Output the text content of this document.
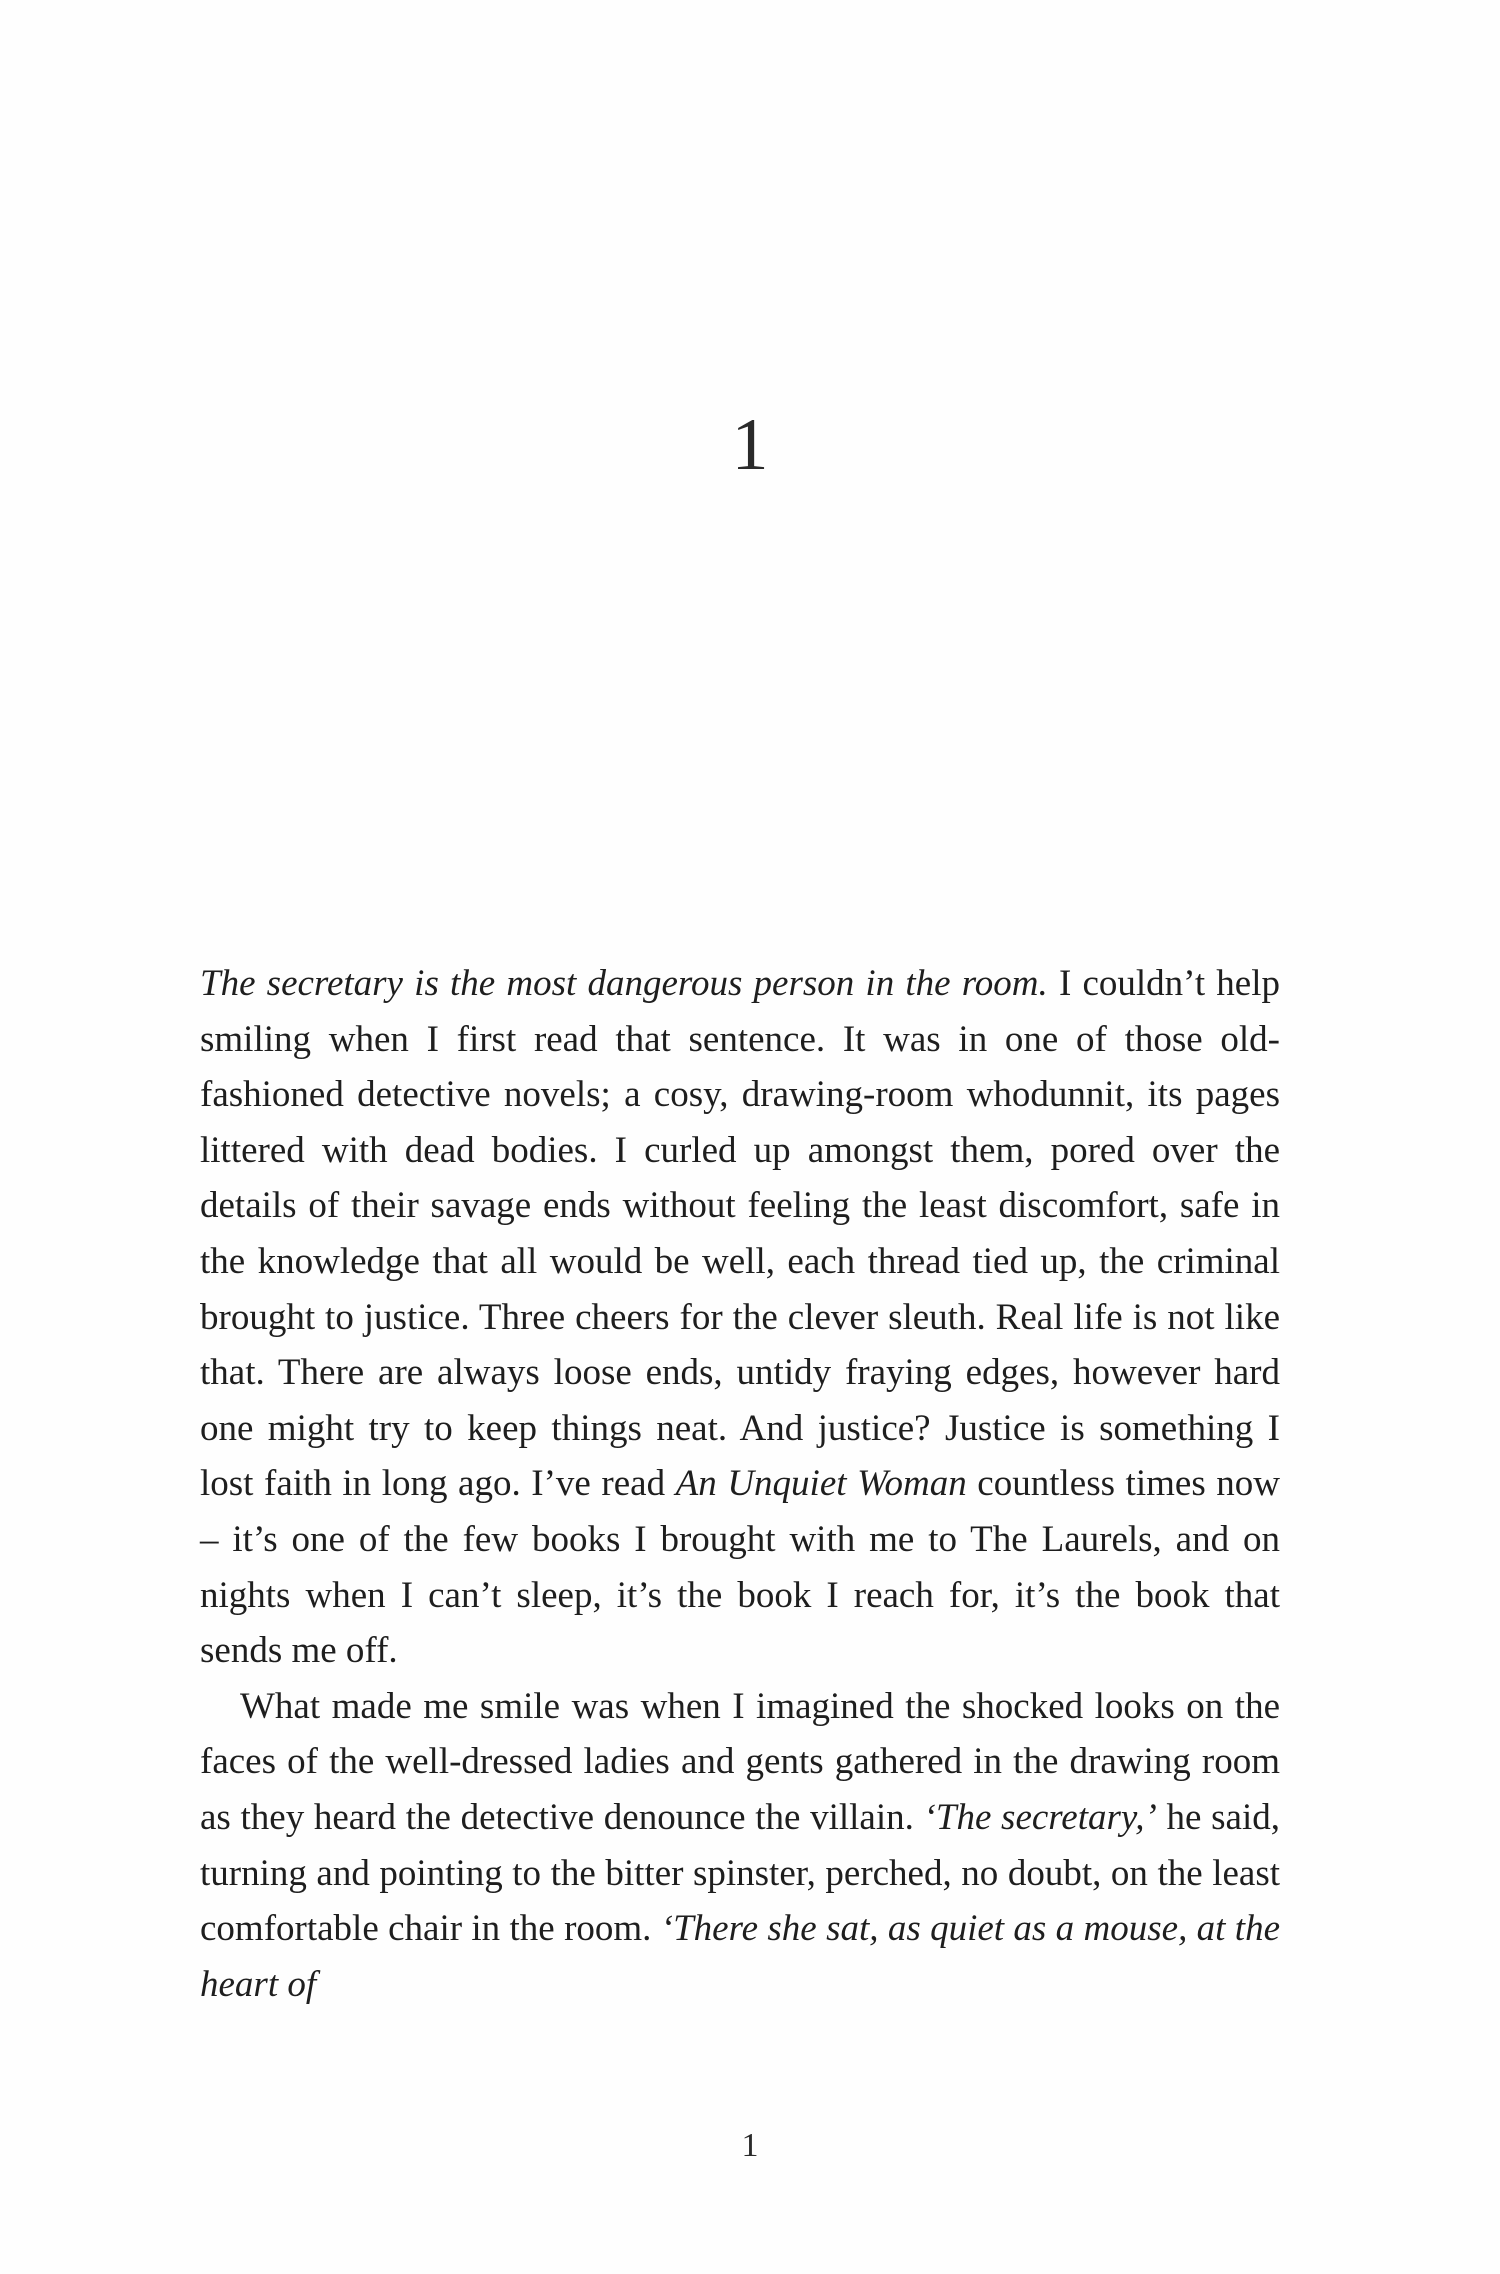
1

The secretary is the most dangerous person in the room. I couldn’t help smiling when I first read that sentence. It was in one of those old-fashioned detective novels; a cosy, drawing-room whodunnit, its pages littered with dead bodies. I curled up amongst them, pored over the details of their savage ends without feeling the least discomfort, safe in the knowledge that all would be well, each thread tied up, the criminal brought to justice. Three cheers for the clever sleuth. Real life is not like that. There are always loose ends, untidy fraying edges, however hard one might try to keep things neat. And justice? Justice is something I lost faith in long ago. I’ve read An Unquiet Woman countless times now – it’s one of the few books I brought with me to The Laurels, and on nights when I can’t sleep, it’s the book I reach for, it’s the book that sends me off.

What made me smile was when I imagined the shocked looks on the faces of the well-dressed ladies and gents gathered in the drawing room as they heard the detective denounce the villain. ‘The secretary,’ he said, turning and pointing to the bitter spinster, perched, no doubt, on the least comfortable chair in the room. ‘There she sat, as quiet as a mouse, at the heart of

1
